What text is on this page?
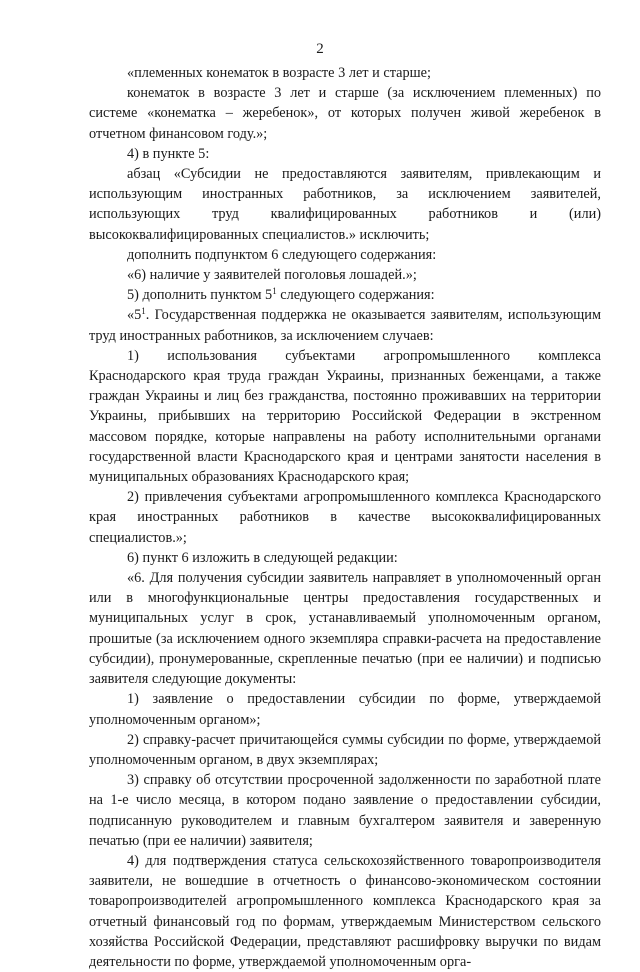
2

«племенных конематок в возрасте 3 лет и старше;

конематок в возрасте 3 лет и старше (за исключением племенных) по системе «конематка – жеребенок», от которых получен живой жеребенок в отчетном финансовом году.»;

4) в пункте 5:

абзац «Субсидии не предоставляются заявителям, привлекающим и использующим иностранных работников, за исключением заявителей, использующих труд квалифицированных работников и (или) высококвалифицированных специалистов.» исключить;

дополнить подпунктом 6 следующего содержания:

«6) наличие у заявителей поголовья лошадей.»;

5) дополнить пунктом $5^1$ следующего содержания:

«$5^1$. Государственная поддержка не оказывается заявителям, использующим труд иностранных работников, за исключением случаев:

1) использования субъектами агропромышленного комплекса Краснодарского края труда граждан Украины, признанных беженцами, а также граждан Украины и лиц без гражданства, постоянно проживавших на территории Украины, прибывших на территорию Российской Федерации в экстренном массовом порядке, которые направлены на работу исполнительными органами государственной власти Краснодарского края и центрами занятости населения в муниципальных образованиях Краснодарского края;

2) привлечения субъектами агропромышленного комплекса Краснодарского края иностранных работников в качестве высококвалифицированных специалистов.»;

6) пункт 6 изложить в следующей редакции:

«6. Для получения субсидии заявитель направляет в уполномоченный орган или в многофункциональные центры предоставления государственных и муниципальных услуг в срок, устанавливаемый уполномоченным органом, прошитые (за исключением одного экземпляра справки-расчета на предоставление субсидии), пронумерованные, скрепленные печатью (при ее наличии) и подписью заявителя следующие документы:

1) заявление о предоставлении субсидии по форме, утверждаемой уполномоченным органом»;

2) справку-расчет причитающейся суммы субсидии по форме, утверждаемой уполномоченным органом, в двух экземплярах;

3) справку об отсутствии просроченной задолженности по заработной плате на 1-е число месяца, в котором подано заявление о предоставлении субсидии, подписанную руководителем и главным бухгалтером заявителя и заверенную печатью (при ее наличии) заявителя;

4) для подтверждения статуса сельскохозяйственного товаропроизводителя заявители, не вошедшие в отчетность о финансово-экономическом состоянии товаропроизводителей агропромышленного комплекса Краснодарского края за отчетный финансовый год по формам, утверждаемым Министерством сельского хозяйства Российской Федерации, представляют расшифровку выручки по видам деятельности по форме, утверждаемой уполномоченным орга-
